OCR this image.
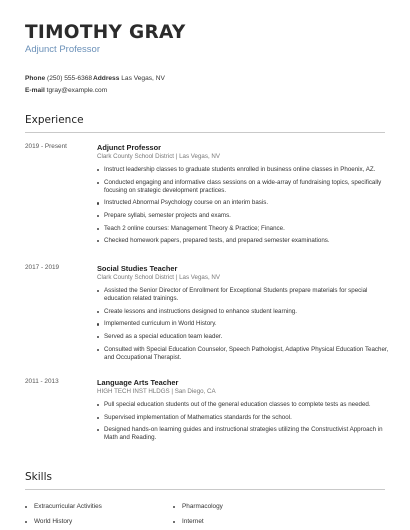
TIMOTHY GRAY
Adjunct Professor
Phone (250) 555-6368 Address Las Vegas, NV
E-mail tgray@example.com
Experience
2019 - Present	Adjunct Professor
Clark County School District | Las Vegas, NV
Instruct leadership classes to graduate students enrolled in business online classes in Phoenix, AZ.
Conducted engaging and informative class sessions on a wide-array of fundraising topics, specifically focusing on strategic development practices.
Instructed Abnormal Psychology course on an interim basis.
Prepare syllabi, semester projects and exams.
Teach 2 online courses: Management Theory & Practice; Finance.
Checked homework papers, prepared tests, and prepared semester examinations.
2017 - 2019	Social Studies Teacher
Clark County School District | Las Vegas, NV
Assisted the Senior Director of Enrollment for Exceptional Students prepare materials for special education related trainings.
Create lessons and instructions designed to enhance student learning.
Implemented curriculum in World History.
Served as a special education team leader.
Consulted with Special Education Counselor, Speech Pathologist, Adaptive Physical Education Teacher, and Occupational Therapist.
2011 - 2013	Language Arts Teacher
HIGH TECH INST HLDGS | San Diego, CA
Pull special education students out of the general education classes to complete tests as needed.
Supervised implementation of Mathematics standards for the school.
Designed hands-on learning guides and instructional strategies utilizing the Constructivist Approach in Math and Reading.
Skills
Extracurricular Activities	Pharmacology
World History	Internet
